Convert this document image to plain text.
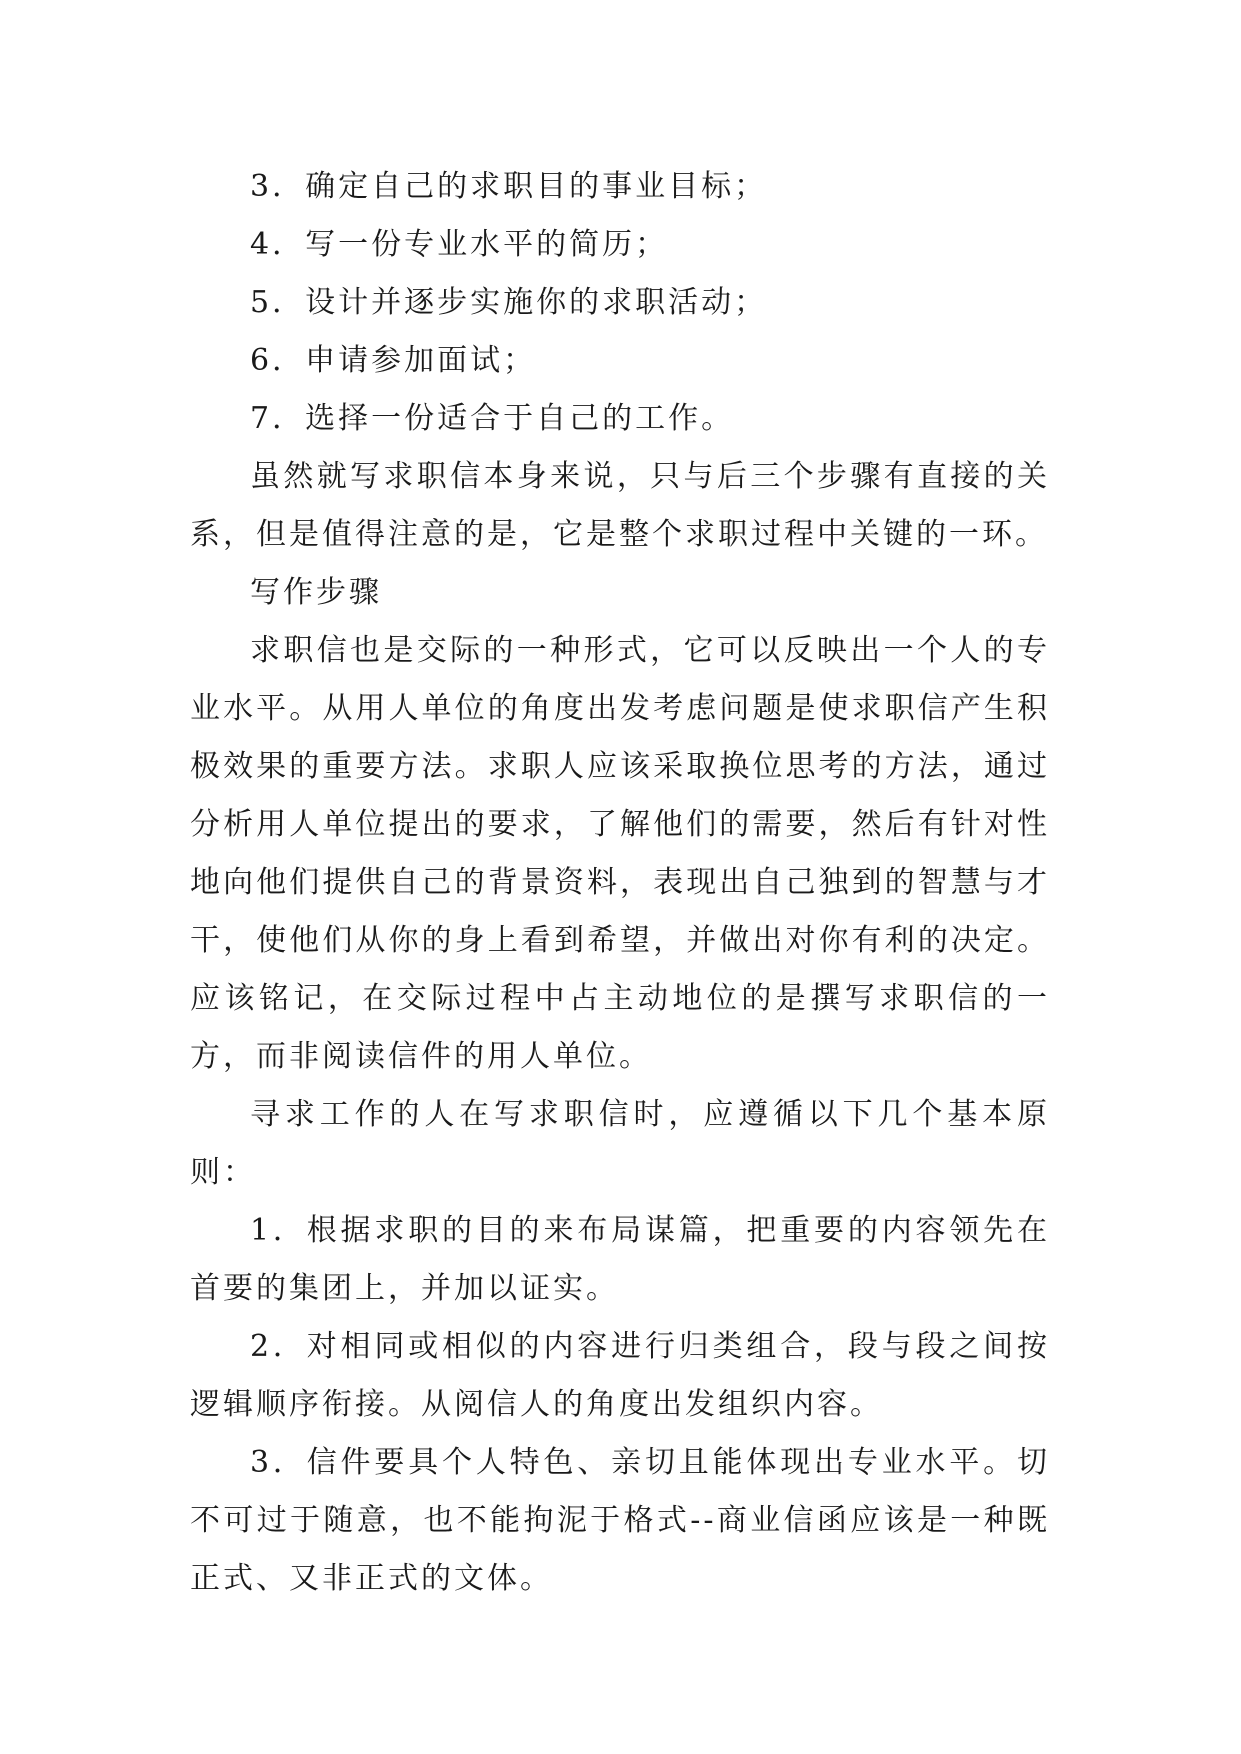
3．确定自己的求职目的事业目标；

4．写一份专业水平的简历；

5．设计并逐步实施你的求职活动；

6．申请参加面试；

7．选择一份适合于自己的工作。

虽然就写求职信本身来说，只与后三个步骤有直接的关系，但是值得注意的是，它是整个求职过程中关键的一环。

写作步骤

求职信也是交际的一种形式，它可以反映出一个人的专业水平。从用人单位的角度出发考虑问题是使求职信产生积极效果的重要方法。求职人应该采取换位思考的方法，通过分析用人单位提出的要求，了解他们的需要，然后有针对性地向他们提供自己的背景资料，表现出自己独到的智慧与才干，使他们从你的身上看到希望，并做出对你有利的决定。应该铭记，在交际过程中占主动地位的是撰写求职信的一方，而非阅读信件的用人单位。

寻求工作的人在写求职信时，应遵循以下几个基本原则：

1．根据求职的目的来布局谋篇，把重要的内容领先在首要的集团上，并加以证实。

2．对相同或相似的内容进行归类组合，段与段之间按逻辑顺序衔接。从阅信人的角度出发组织内容。

3．信件要具个人特色、亲切且能体现出专业水平。切不可过于随意，也不能拘泥于格式--商业信函应该是一种既正式、又非正式的文体。
